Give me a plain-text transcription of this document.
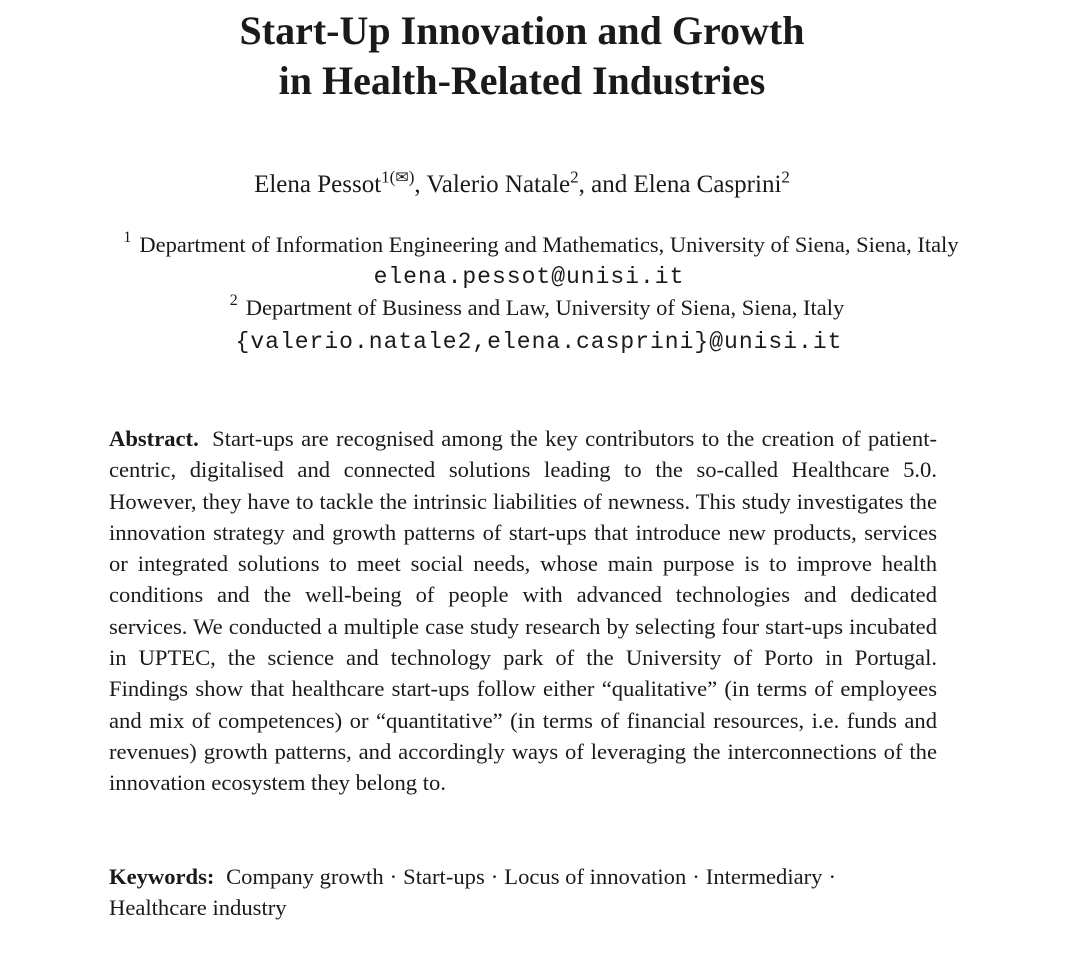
Start-Up Innovation and Growth
in Health-Related Industries
Elena Pessot$^{1(✉)}$, Valerio Natale$^2$, and Elena Casprini$^2$
$^1$ Department of Information Engineering and Mathematics, University of Siena, Siena, Italy
elena.pessot@unisi.it
$^2$ Department of Business and Law, University of Siena, Siena, Italy
{valerio.natale2,elena.casprini}@unisi.it

Abstract. Start-ups are recognised among the key contributors to the creation of patient-centric, digitalised and connected solutions leading to the so-called Healthcare 5.0. However, they have to tackle the intrinsic liabilities of newness. This study investigates the innovation strategy and growth patterns of start-ups that introduce new products, services or integrated solutions to meet social needs, whose main purpose is to improve health conditions and the well-being of people with advanced technologies and dedicated services. We conducted a multiple case study research by selecting four start-ups incubated in UPTEC, the science and technology park of the University of Porto in Portugal. Findings show that healthcare start-ups follow either “qualitative” (in terms of employees and mix of competences) or “quantitative” (in terms of financial resources, i.e. funds and revenues) growth patterns, and accordingly ways of leveraging the interconnections of the innovation ecosystem they belong to.

Keywords: Company growth · Start-ups · Locus of innovation · Intermediary ·
Healthcare industry
